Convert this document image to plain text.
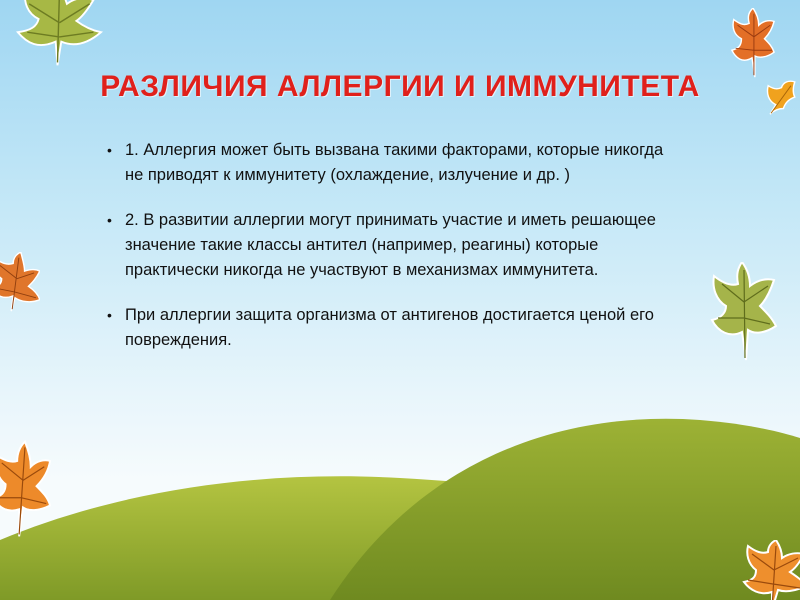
РАЗЛИЧИЯ АЛЛЕРГИИ И ИММУНИТЕТА
• 1. Аллергия может быть вызвана такими факторами, которые никогда не приводят к иммунитету (охлаждение, излучение и др. )
• 2. В развитии аллергии могут принимать участие и иметь решающее значение такие классы антител (например, реагины) которые практически никогда не участвуют в механизмах иммунитета.
• При аллергии защита организма от антигенов достигается ценой его повреждения.
